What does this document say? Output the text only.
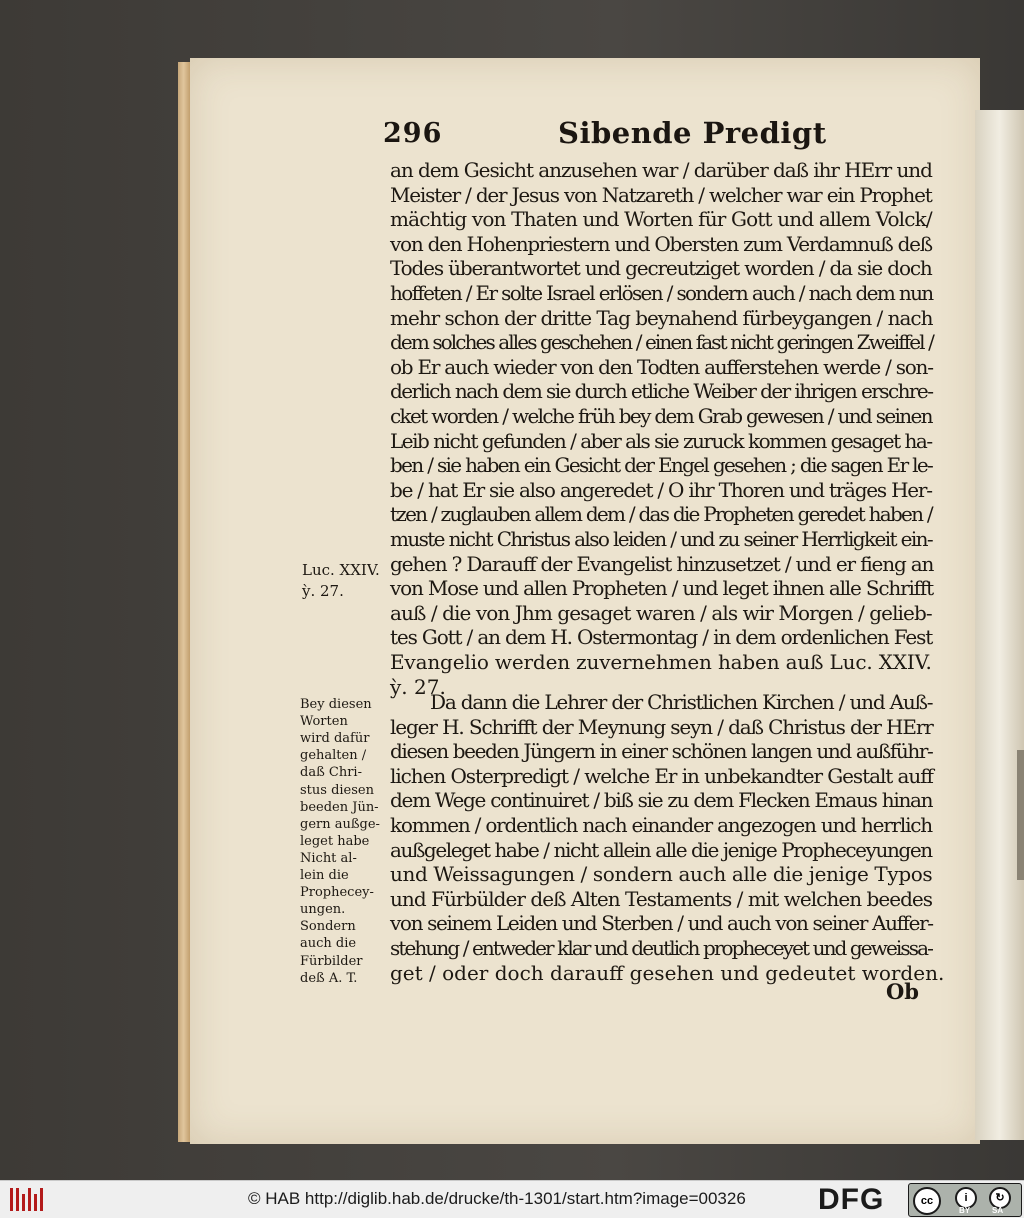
296	Sibende Predigt
an dem Gesicht anzusehen war / darüber daß ihr HErr und
Meister / der Jesus von Natzareth / welcher war ein Prophet
mächtig von Thaten und Worten für Gott und allem Volck/
von den Hohenpriestern und Obersten zum Verdamnuß deß
Todes überantwortet und gecreutziget worden / da sie doch
hoffeten / Er solte Israel erlösen / sondern auch / nach dem nun
mehr schon der dritte Tag beynahend fürbeygangen / nach
dem solches alles geschehen / einen fast nicht geringen Zweiffel /
ob Er auch wieder von den Todten aufferstehen werde / son-
derlich nach dem sie durch etliche Weiber der ihrigen erschre-
cket worden / welche früh bey dem Grab gewesen / und seinen
Leib nicht gefunden / aber als sie zuruck kommen gesaget ha-
ben / sie haben ein Gesicht der Engel gesehen ; die sagen Er le-
be / hat Er sie also angeredet / O ihr Thoren und träges Her-
tzen / zuglauben allem dem / das die Propheten geredet haben /
muste nicht Christus also leiden / und zu seiner Herrligkeit ein-
gehen ? Darauff der Evangelist hinzusetzet / und er fieng an
von Mose und allen Propheten / und leget ihnen alle Schrifft
auß / die von Jhm gesaget waren / als wir Morgen / gelieb-
tes Gott / an dem H. Ostermontag / in dem ordenlichen Fest
Evangelio werden zuvernehmen haben auß Luc. XXIV.
ỳ. 27.
Da dann die Lehrer der Christlichen Kirchen / und Auß-
leger H. Schrifft der Meynung seyn / daß Christus der HErr
diesen beeden Jüngern in einer schönen langen und außführ-
lichen Osterpredigt / welche Er in unbekandter Gestalt auff
dem Wege continuiret / biß sie zu dem Flecken Emaus hinan
kommen / ordentlich nach einander angezogen und herrlich
außgeleget habe / nicht allein alle die jenige Propheceyungen
und Weissagungen / sondern auch alle die jenige Typos
und Fürbülder deß Alten Testaments / mit welchen beedes
von seinem Leiden und Sterben / und auch von seiner Auffer-
stehung / entweder klar und deutlich propheceyet und geweissa-
get / oder doch darauff gesehen und gedeutet worden.
Bey diesen
Worten
wird dafür
gehalten /
daß Chri-
stus diesen
beeden Jün-
gern außge-
leget habe
Nicht al-
lein die
Prophecey-
ungen.
Sondern
auch die
Fürbilder
deß A. T.
Luc. XXIV.
ỳ. 27.
Ob
© HAB http://diglib.hab.de/drucke/th-1301/start.htm?image=00326 DFG	cc	i	↻
BY	SA
